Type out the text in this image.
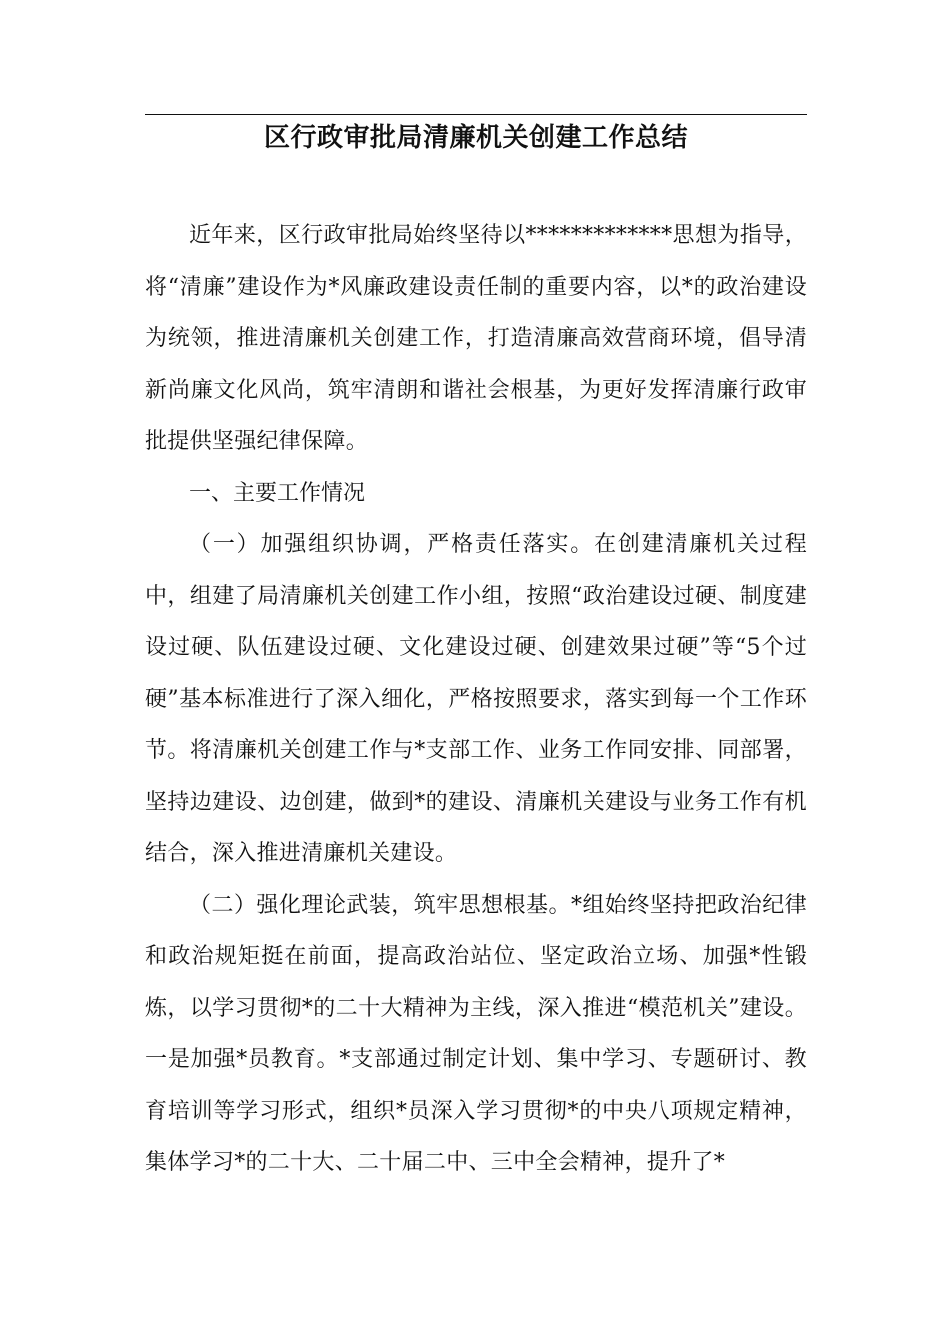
区行政审批局清廉机关创建工作总结

近年来，区行政审批局始终坚待以*************思想为指导，将“清廉”建设作为*风廉政建设责任制的重要内容，以*的政治建设为统领，推进清廉机关创建工作，打造清廉高效营商环境，倡导清新尚廉文化风尚，筑牢清朗和谐社会根基，为更好发挥清廉行政审批提供坚强纪律保障。

一、主要工作情况

（一）加强组织协调，严格责任落实。在创建清廉机关过程中，组建了局清廉机关创建工作小组，按照“政治建设过硬、制度建设过硬、队伍建设过硬、文化建设过硬、创建效果过硬”等“5个过硬”基本标准进行了深入细化，严格按照要求，落实到每一个工作环节。将清廉机关创建工作与*支部工作、业务工作同安排、同部署，坚持边建设、边创建，做到*的建设、清廉机关建设与业务工作有机结合，深入推进清廉机关建设。

（二）强化理论武装，筑牢思想根基。*组始终坚持把政治纪律和政治规矩挺在前面，提高政治站位、坚定政治立场、加强*性锻炼，以学习贯彻*的二十大精神为主线，深入推进“模范机关”建设。一是加强*员教育。*支部通过制定计划、集中学习、专题研讨、教育培训等学习形式，组织*员深入学习贯彻*的中央八项规定精神，集体学习*的二十大、二十届二中、三中全会精神，提升了*
